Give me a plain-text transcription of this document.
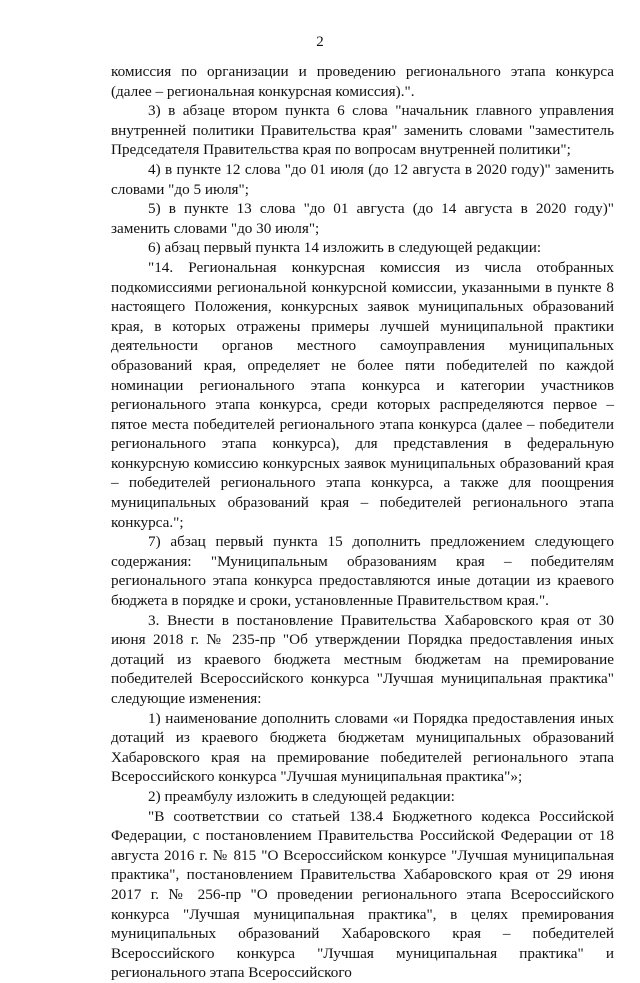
2

комиссия по организации и проведению регионального этапа конкурса (далее – региональная конкурсная комиссия).".

3) в абзаце втором пункта 6 слова "начальник главного управления внутренней политики Правительства края" заменить словами "заместитель Председателя Правительства края по вопросам внутренней политики";

4) в пункте 12 слова "до 01 июля (до 12 августа в 2020 году)" заменить словами "до 5 июля";

5) в пункте 13 слова "до 01 августа (до 14 августа в 2020 году)" заменить словами "до 30 июля";

6) абзац первый пункта 14 изложить в следующей редакции:

"14. Региональная конкурсная комиссия из числа отобранных подкомиссиями региональной конкурсной комиссии, указанными в пункте 8 настоящего Положения, конкурсных заявок муниципальных образований края, в которых отражены примеры лучшей муниципальной практики деятельности органов местного самоуправления муниципальных образований края, определяет не более пяти победителей по каждой номинации регионального этапа конкурса и категории участников регионального этапа конкурса, среди которых распределяются первое – пятое места победителей регионального этапа конкурса (далее – победители регионального этапа конкурса), для представления в федеральную конкурсную комиссию конкурсных заявок муниципальных образований края – победителей регионального этапа конкурса, а также для поощрения муниципальных образований края – победителей регионального этапа конкурса.";

7) абзац первый пункта 15 дополнить предложением следующего содержания: "Муниципальным образованиям края – победителям регионального этапа конкурса предоставляются иные дотации из краевого бюджета в порядке и сроки, установленные Правительством края.".

3. Внести в постановление Правительства Хабаровского края от 30 июня 2018 г. № 235-пр "Об утверждении Порядка предоставления иных дотаций из краевого бюджета местным бюджетам на премирование победителей Всероссийского конкурса "Лучшая муниципальная практика" следующие изменения:

1) наименование дополнить словами «и Порядка предоставления иных дотаций из краевого бюджета бюджетам муниципальных образований Хабаровского края на премирование победителей регионального этапа Всероссийского конкурса "Лучшая муниципальная практика"»;

2) преамбулу изложить в следующей редакции:

"В соответствии со статьей 138.4 Бюджетного кодекса Российской Федерации, с постановлением Правительства Российской Федерации от 18 августа 2016 г. № 815 "О Всероссийском конкурсе "Лучшая муниципальная практика", постановлением Правительства Хабаровского края от 29 июня 2017 г. № 256-пр "О проведении регионального этапа Всероссийского конкурса "Лучшая муниципальная практика", в целях премирования муниципальных образований Хабаровского края – победителей Всероссийского конкурса "Лучшая муниципальная практика" и регионального этапа Всероссийского
